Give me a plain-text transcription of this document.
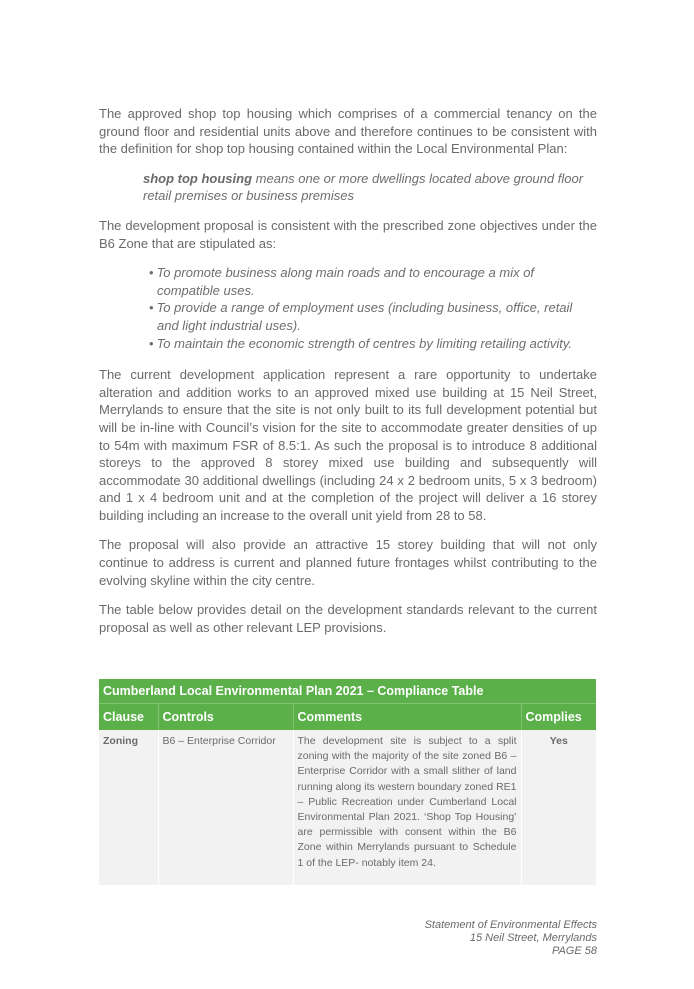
The approved shop top housing which comprises of a commercial tenancy on the ground floor and residential units above and therefore continues to be consistent with the definition for shop top housing contained within the Local Environmental Plan:

shop top housing means one or more dwellings located above ground floor retail premises or business premises

The development proposal is consistent with the prescribed zone objectives under the B6 Zone that are stipulated as:

• To promote business along main roads and to encourage a mix of compatible uses.
• To provide a range of employment uses (including business, office, retail and light industrial uses).
• To maintain the economic strength of centres by limiting retailing activity.

The current development application represent a rare opportunity to undertake alteration and addition works to an approved mixed use building at 15 Neil Street, Merrylands to ensure that the site is not only built to its full development potential but will be in-line with Council’s vision for the site to accommodate greater densities of up to 54m with maximum FSR of 8.5:1. As such the proposal is to introduce 8 additional storeys to the approved 8 storey mixed use building and subsequently will accommodate 30 additional dwellings (including 24 x 2 bedroom units, 5 x 3 bedroom) and 1 x 4 bedroom unit and at the completion of the project will deliver a 16 storey building including an increase to the overall unit yield from 28 to 58.

The proposal will also provide an attractive 15 storey building that will not only continue to address is current and planned future frontages whilst contributing to the evolving skyline within the city centre.

The table below provides detail on the development standards relevant to the current proposal as well as other relevant LEP provisions.

Cumberland Local Environmental Plan 2021 – Compliance Table			
Clause	Controls	Comments	Complies
Zoning	B6 – Enterprise Corridor	The development site is subject to a split zoning with the majority of the site zoned B6 – Enterprise Corridor with a small slither of land running along its western boundary zoned RE1 – Public Recreation under Cumberland Local Environmental Plan 2021. ‘Shop Top Housing’ are permissible with consent within the B6 Zone within Merrylands pursuant to Schedule 1 of the LEP- notably item 24.	Yes
Statement of Environmental Effects
15 Neil Street, Merrylands
PAGE 58
